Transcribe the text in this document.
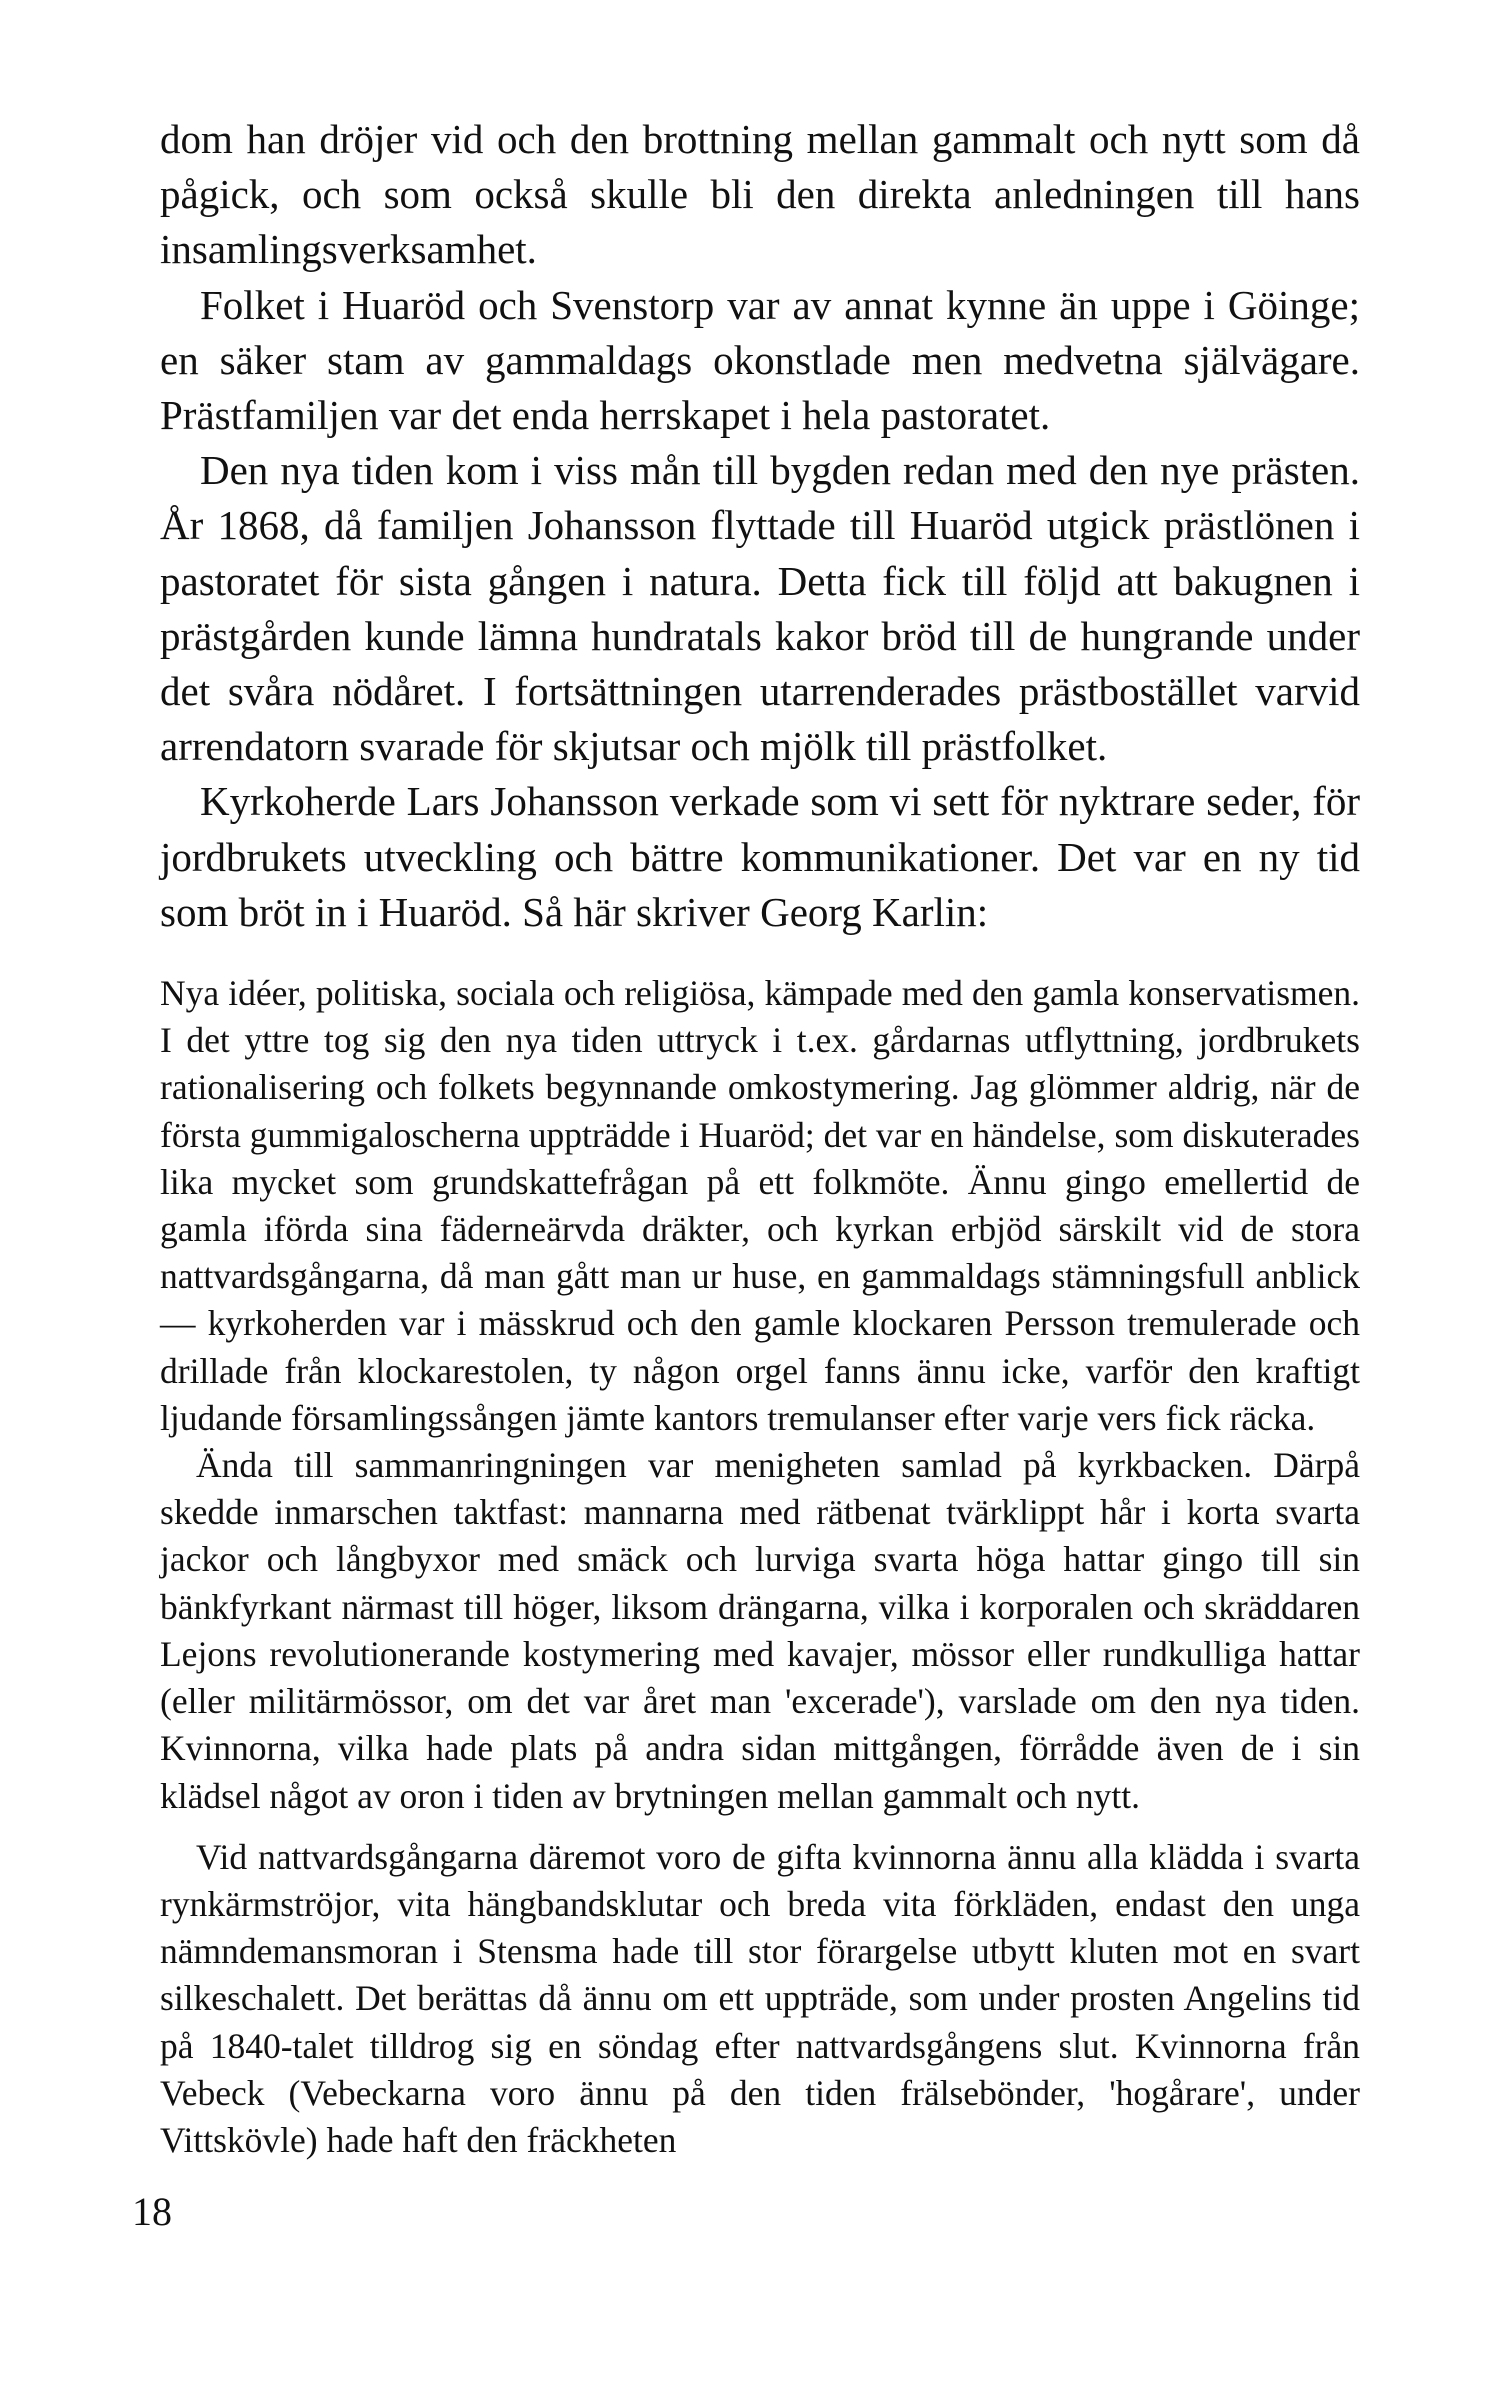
dom han dröjer vid och den brottning mellan gammalt och nytt som då pågick, och som också skulle bli den direkta anledningen till hans insamlingsverksamhet.

Folket i Huaröd och Svenstorp var av annat kynne än uppe i Göinge; en säker stam av gammaldags okonstlade men medvetna självägare. Prästfamiljen var det enda herrskapet i hela pastoratet.

Den nya tiden kom i viss mån till bygden redan med den nye prästen. År 1868, då familjen Johansson flyttade till Huaröd utgick prästlönen i pastoratet för sista gången i natura. Detta fick till följd att bakugnen i prästgården kunde lämna hundratals kakor bröd till de hungrande under det svåra nödåret. I fortsättningen utarrenderades prästbostället varvid arrendatorn svarade för skjutsar och mjölk till prästfolket.

Kyrkoherde Lars Johansson verkade som vi sett för nyktrare seder, för jordbrukets utveckling och bättre kommunikationer. Det var en ny tid som bröt in i Huaröd. Så här skriver Georg Karlin:

Nya idéer, politiska, sociala och religiösa, kämpade med den gamla konservatismen. I det yttre tog sig den nya tiden uttryck i t.ex. gårdarnas utflyttning, jordbrukets rationalisering och folkets begynnande omkostymering. Jag glömmer aldrig, när de första gummigaloscherna uppträdde i Huaröd; det var en händelse, som diskuterades lika mycket som grundskattefrågan på ett folkmöte. Ännu gingo emellertid de gamla iförda sina fäderneärvda dräkter, och kyrkan erbjöd särskilt vid de stora nattvardsgångarna, då man gått man ur huse, en gammaldags stämningsfull anblick — kyrkoherden var i mässkrud och den gamle klockaren Persson tremulerade och drillade från klockarestolen, ty någon orgel fanns ännu icke, varför den kraftigt ljudande församlingssången jämte kantors tremulanser efter varje vers fick räcka.

Ända till sammanringningen var menigheten samlad på kyrkbacken. Därpå skedde inmarschen taktfast: mannarna med rätbenat tvärklippt hår i korta svarta jackor och långbyxor med smäck och lurviga svarta höga hattar gingo till sin bänkfyrkant närmast till höger, liksom drängarna, vilka i korporalen och skräddaren Lejons revolutionerande kostymering med kavajer, mössor eller rundkulliga hattar (eller militärmössor, om det var året man 'excerade'), varslade om den nya tiden. Kvinnorna, vilka hade plats på andra sidan mittgången, förrådde även de i sin klädsel något av oron i tiden av brytningen mellan gammalt och nytt.

Vid nattvardsgångarna däremot voro de gifta kvinnorna ännu alla klädda i svarta rynkärmströjor, vita hängbandsklutar och breda vita förkläden, endast den unga nämndemansmoran i Stensma hade till stor förargelse utbytt kluten mot en svart silkeschalett. Det berättas då ännu om ett uppträde, som under prosten Angelins tid på 1840-talet tilldrog sig en söndag efter nattvardsgångens slut. Kvinnorna från Vebeck (Vebeckarna voro ännu på den tiden frälsebönder, 'hogårare', under Vittskövle) hade haft den fräckheten

18
